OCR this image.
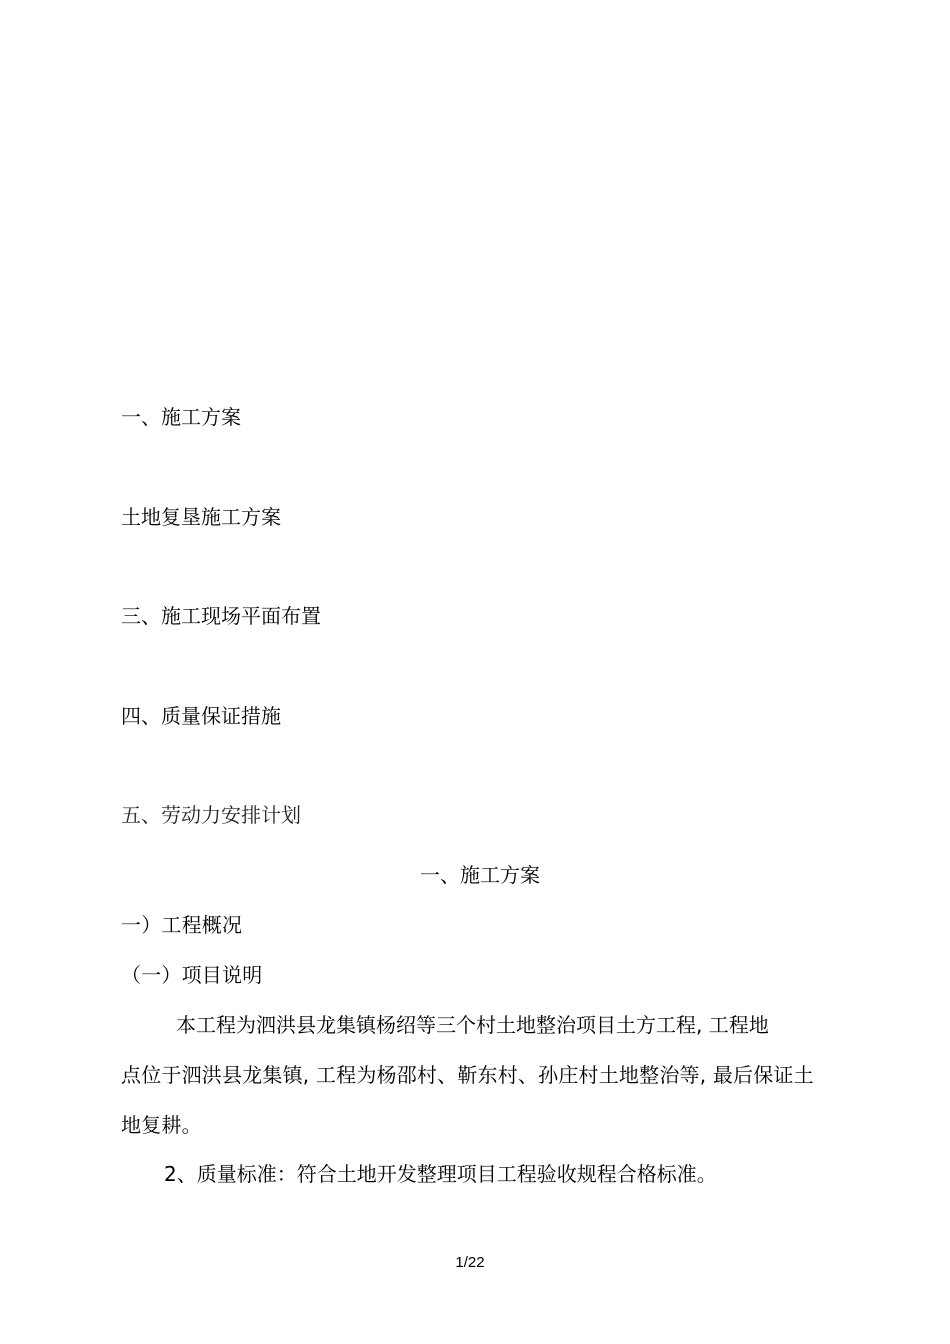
一、施工方案
土地复垦施工方案
三、施工现场平面布置
四、质量保证措施
五、劳动力安排计划
一、施工方案
一）工程概况
（一）项目说明
本工程为泗洪县龙集镇杨绍等三个村土地整治项目土方工程, 工程地
点位于泗洪县龙集镇, 工程为杨邵村、靳东村、孙庄村土地整治等, 最后保证土
地复耕。
2、质量标准：符合土地开发整理项目工程验收规程合格标准。
1/22
